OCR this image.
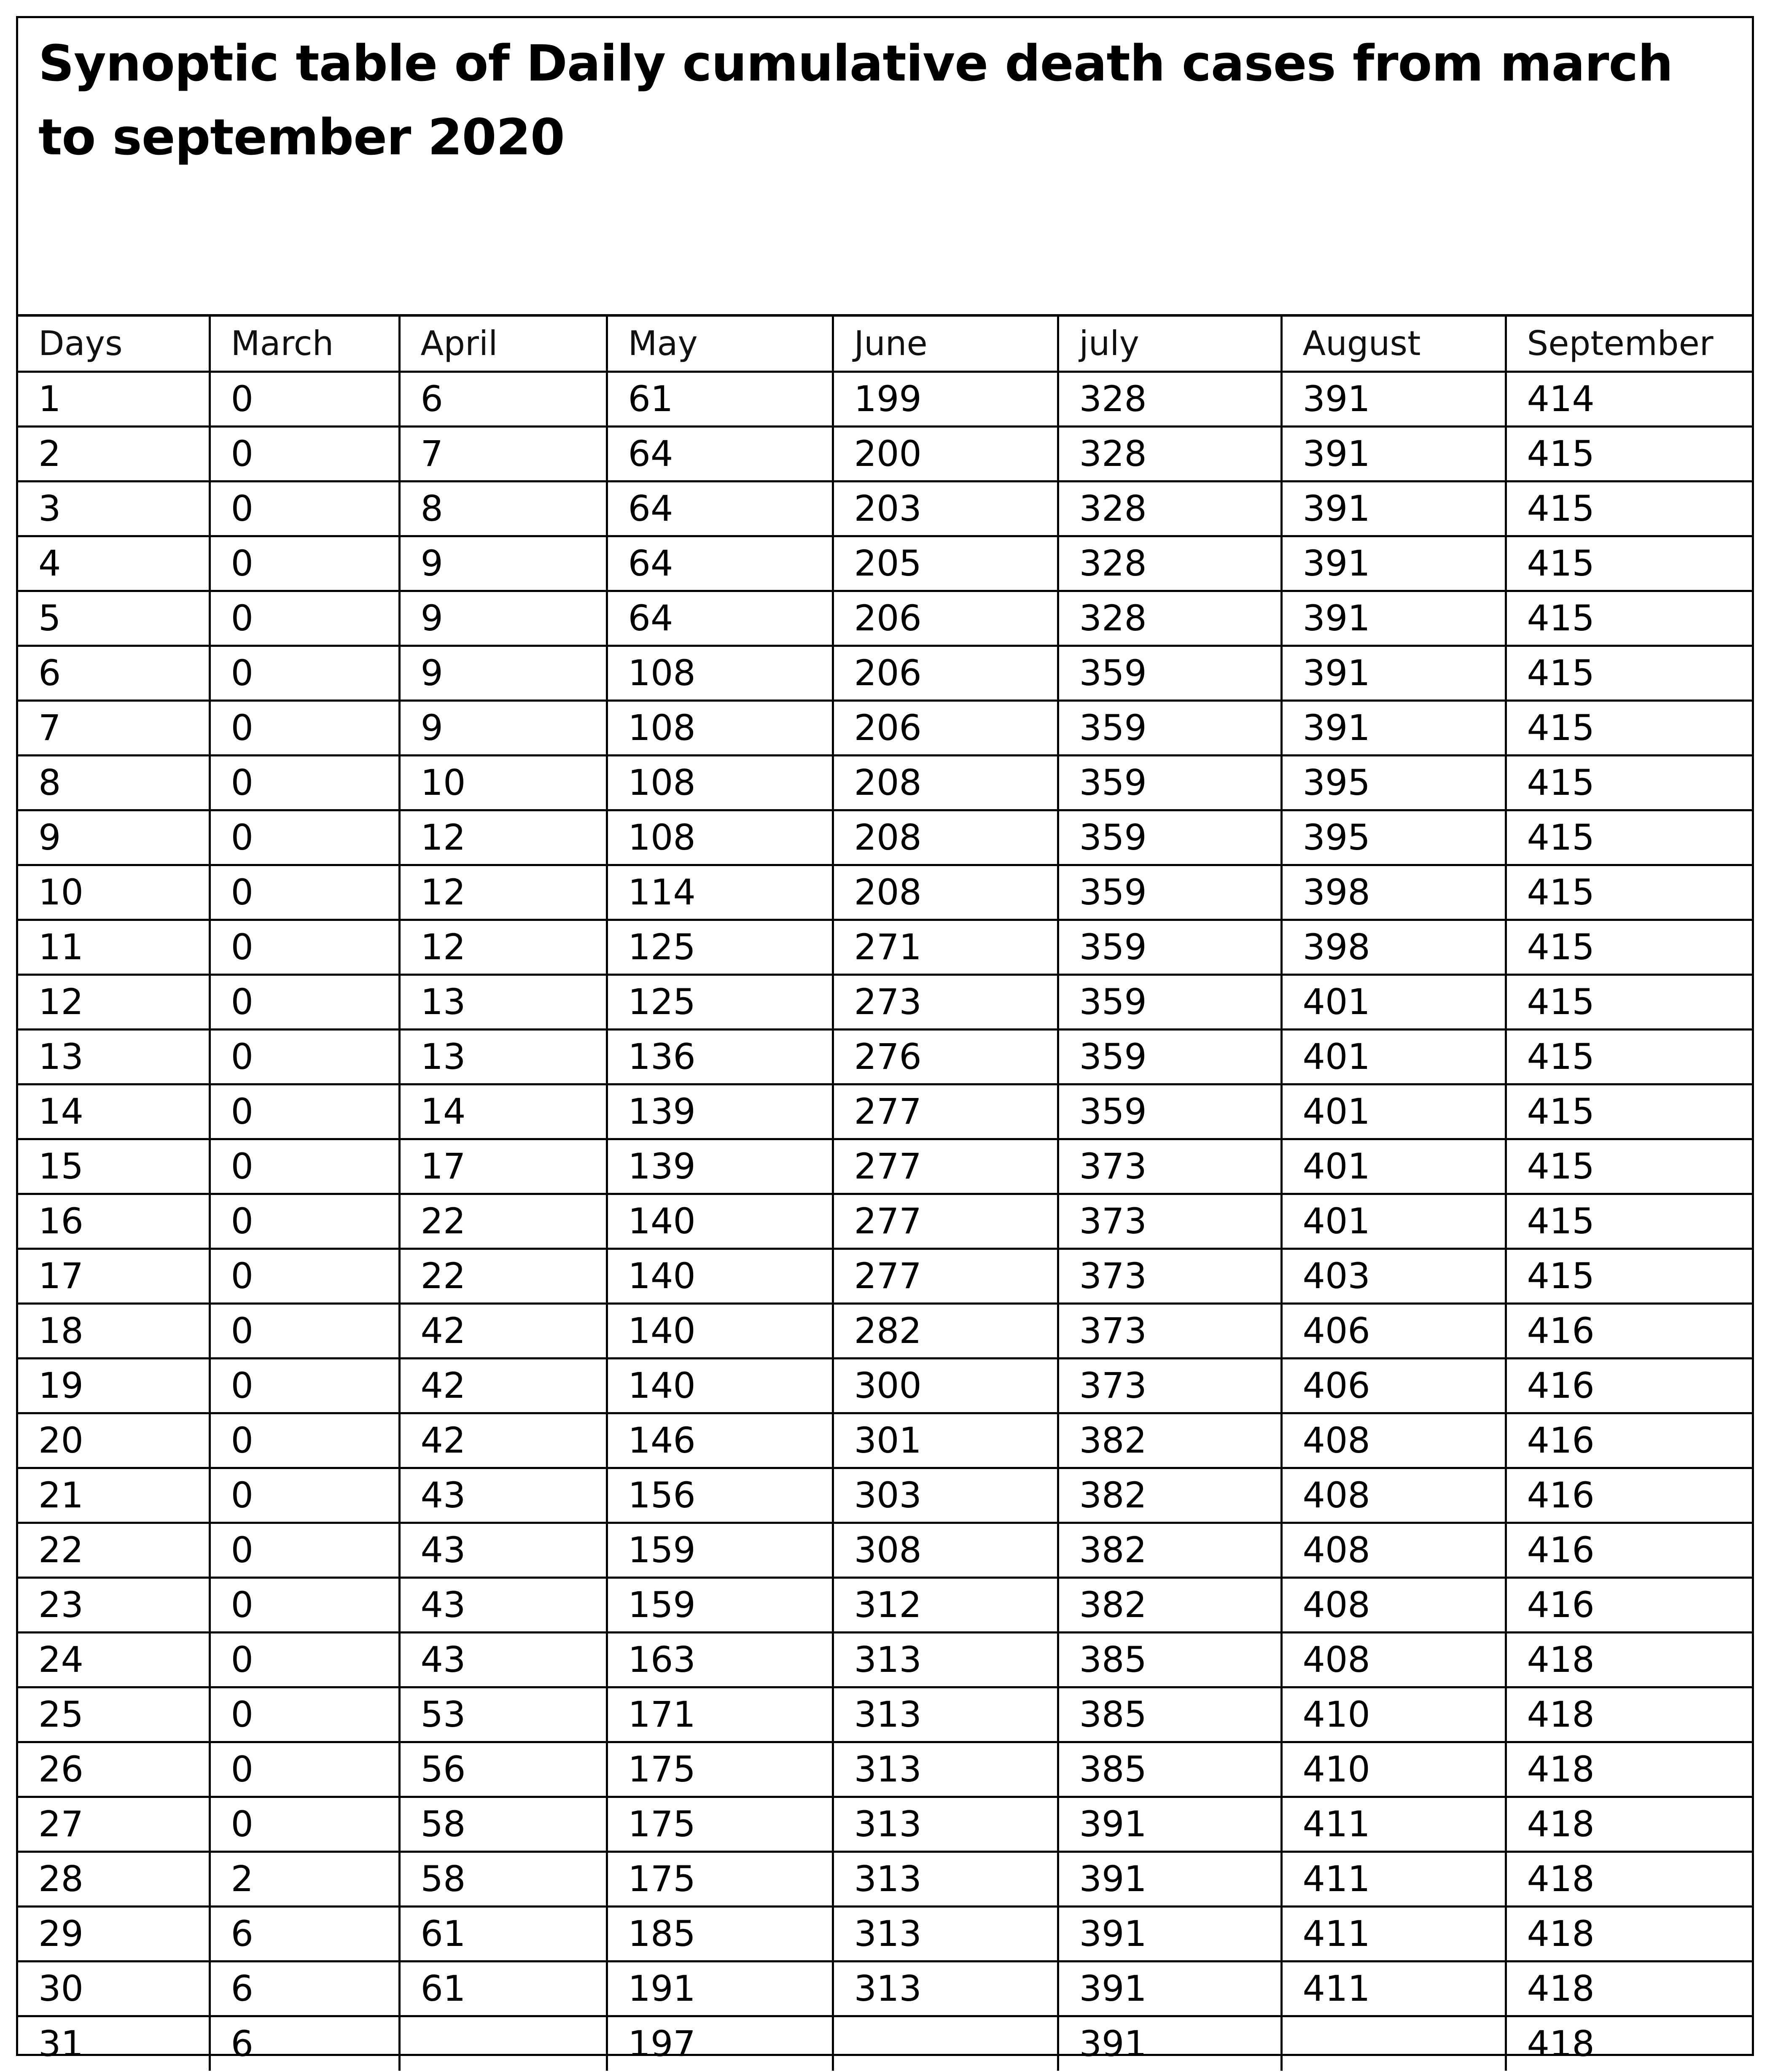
Synoptic table of Daily cumulative death cases from march to september 2020
Days	March	April	May	June	july	August	September
1	0	6	61	199	328	391	414
2	0	7	64	200	328	391	415
3	0	8	64	203	328	391	415
4	0	9	64	205	328	391	415
5	0	9	64	206	328	391	415
6	0	9	108	206	359	391	415
7	0	9	108	206	359	391	415
8	0	10	108	208	359	395	415
9	0	12	108	208	359	395	415
10	0	12	114	208	359	398	415
11	0	12	125	271	359	398	415
12	0	13	125	273	359	401	415
13	0	13	136	276	359	401	415
14	0	14	139	277	359	401	415
15	0	17	139	277	373	401	415
16	0	22	140	277	373	401	415
17	0	22	140	277	373	403	415
18	0	42	140	282	373	406	416
19	0	42	140	300	373	406	416
20	0	42	146	301	382	408	416
21	0	43	156	303	382	408	416
22	0	43	159	308	382	408	416
23	0	43	159	312	382	408	416
24	0	43	163	313	385	408	418
25	0	53	171	313	385	410	418
26	0	56	175	313	385	410	418
27	0	58	175	313	391	411	418
28	2	58	175	313	391	411	418
29	6	61	185	313	391	411	418
30	6	61	191	313	391	411	418
31	6		197		391		418
